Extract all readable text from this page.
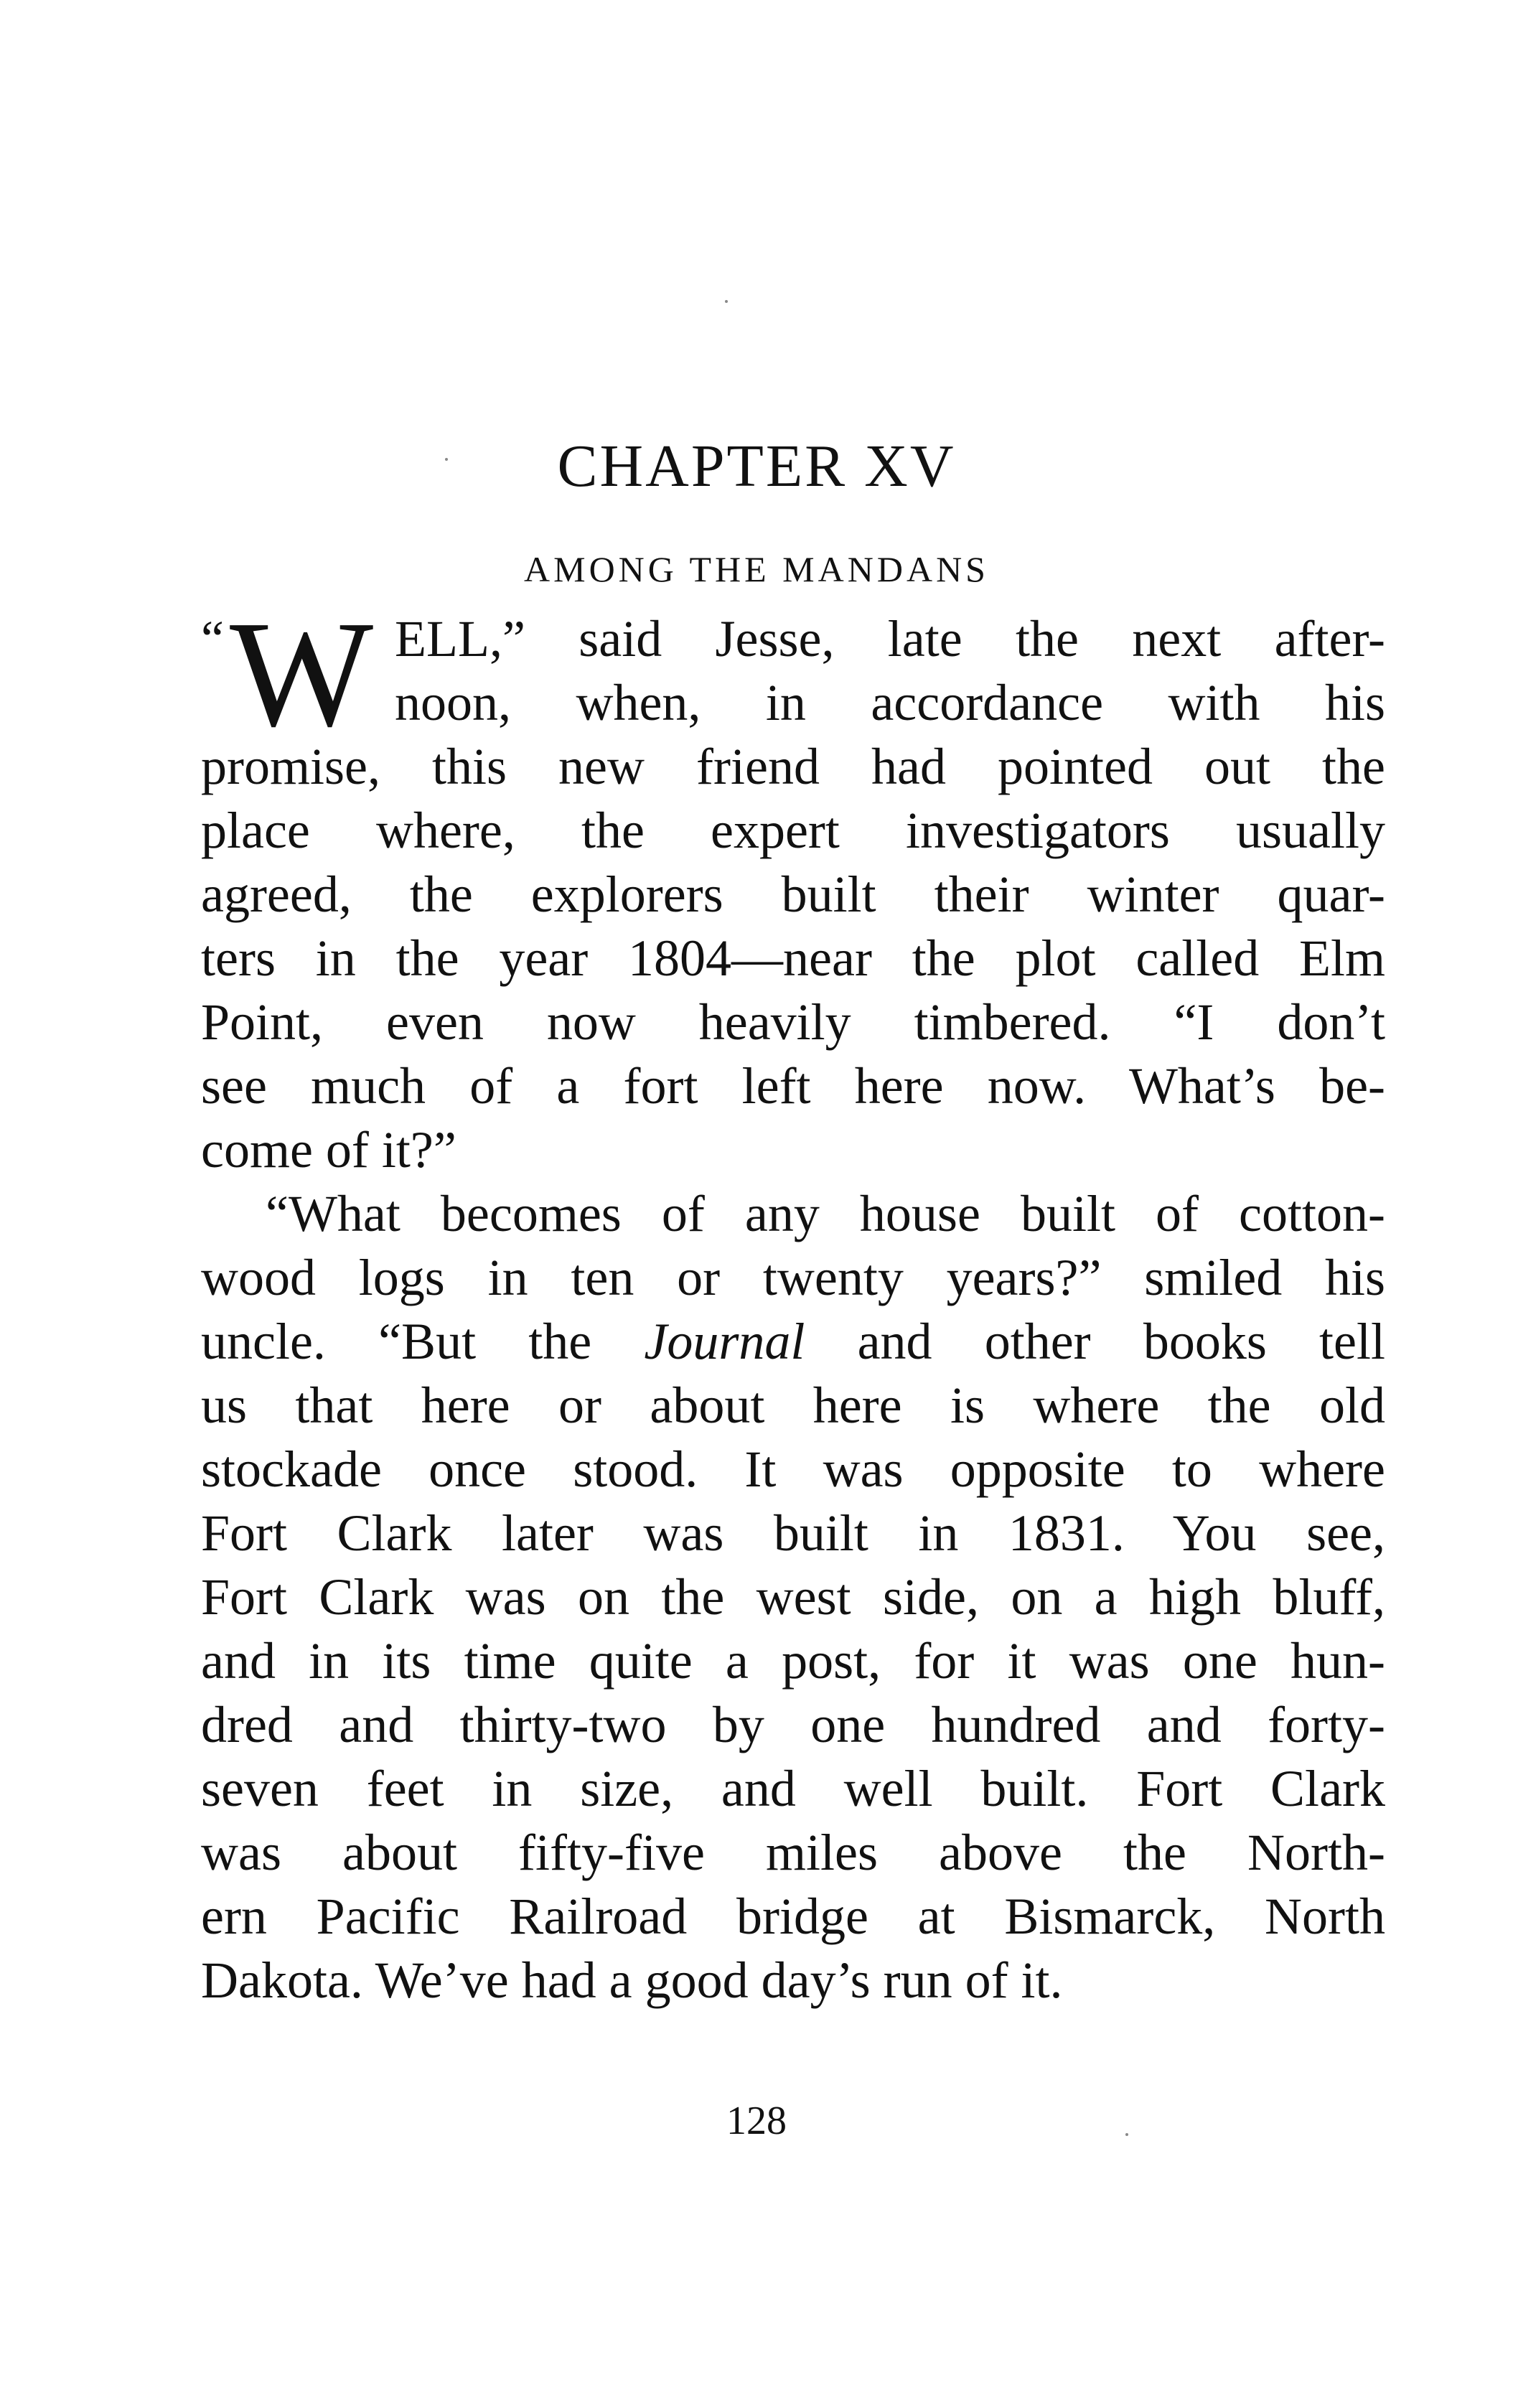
CHAPTER XV
AMONG THE MANDANS
“ W ELL,” said Jesse, late the next after-
noon, when, in accordance with his
promise, this new friend had pointed out the
place where, the expert investigators usually
agreed, the explorers built their winter quar-
ters in the year 1804—near the plot called Elm
Point, even now heavily timbered. “I don’t
see much of a fort left here now. What’s be-
come of it?”
“What becomes of any house built of cotton-
wood logs in ten or twenty years?” smiled his
uncle. “But the Journal and other books tell
us that here or about here is where the old
stockade once stood. It was opposite to where
Fort Clark later was built in 1831. You see,
Fort Clark was on the west side, on a high bluff,
and in its time quite a post, for it was one hun-
dred and thirty-two by one hundred and forty-
seven feet in size, and well built. Fort Clark
was about fifty-five miles above the North-
ern Pacific Railroad bridge at Bismarck, North
Dakota. We’ve had a good day’s run of it.
128
